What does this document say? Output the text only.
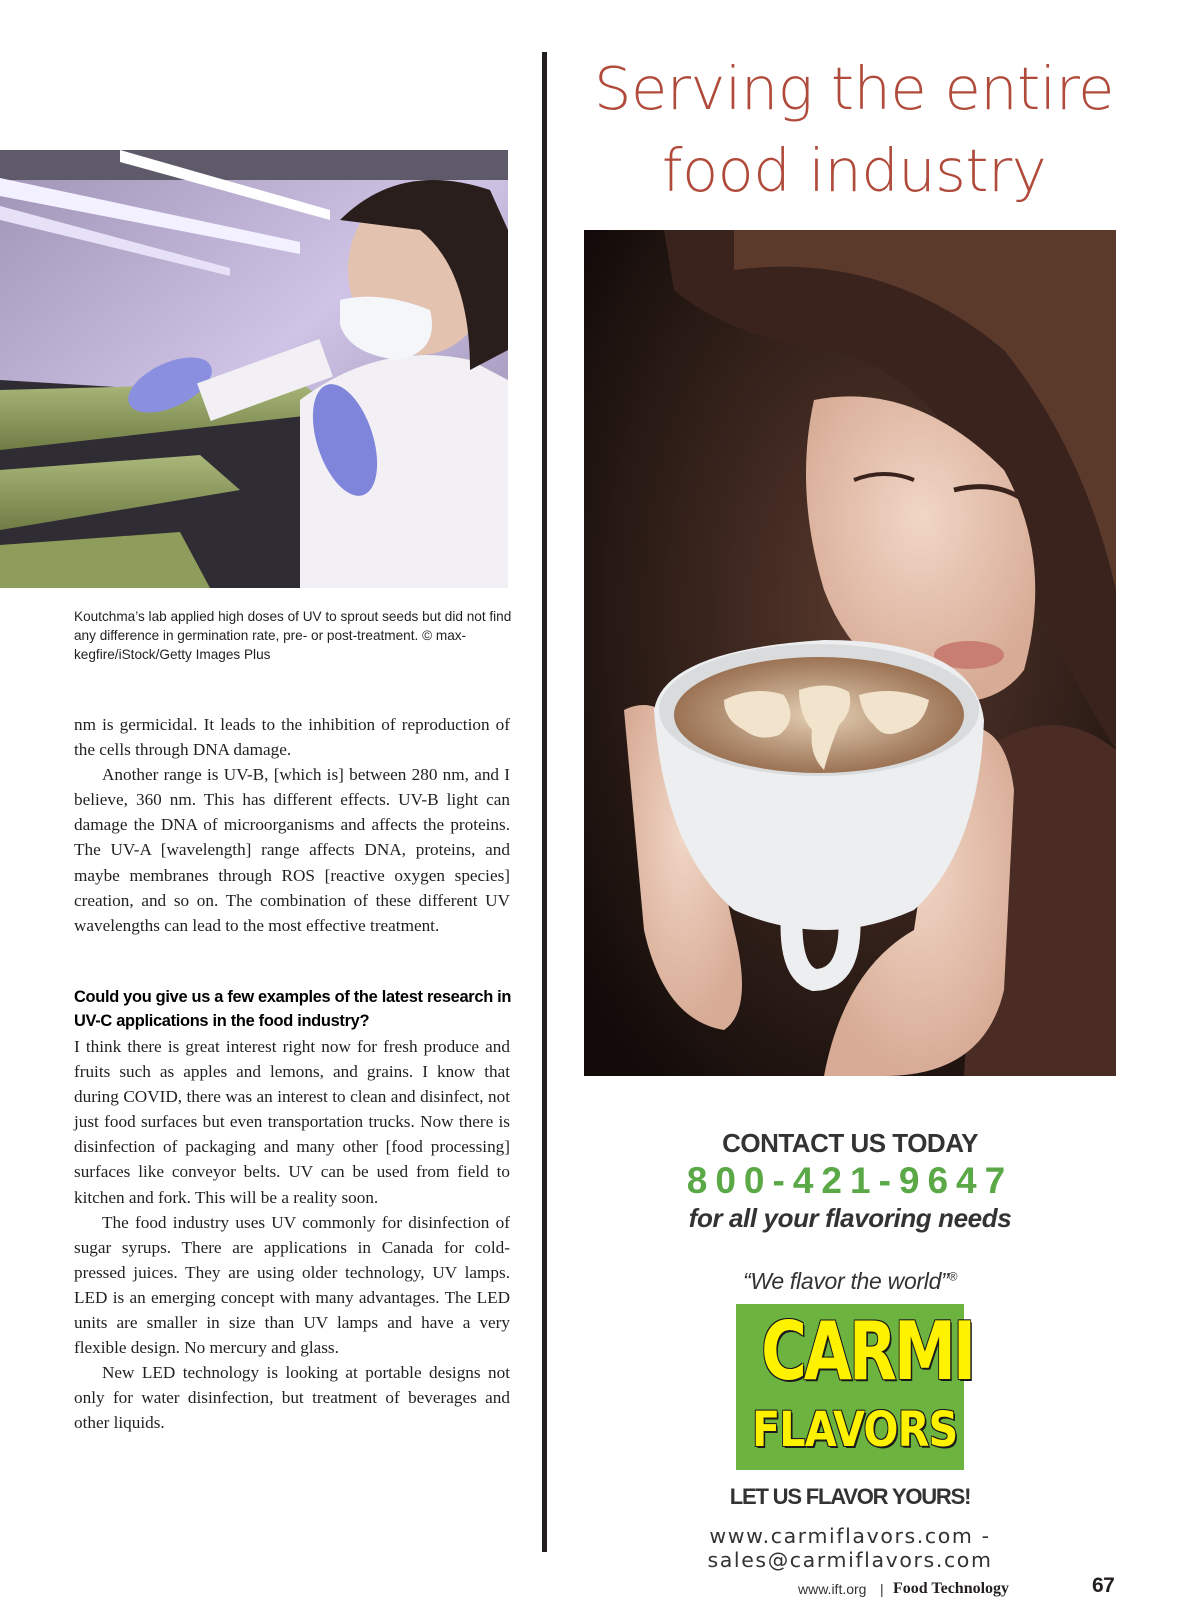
Koutchma’s lab applied high doses of UV to sprout seeds but did not find any difference in germination rate, pre- or post-treatment. © max-kegfire/iStock/Getty Images Plus

nm is germicidal. It leads to the inhibition of reproduction of the cells through DNA damage.

Another range is UV-B, [which is] between 280 nm, and I believe, 360 nm. This has different effects. UV-B light can damage the DNA of microorganisms and affects the proteins. The UV-A [wavelength] range affects DNA, proteins, and maybe membranes through ROS [reactive oxygen species] creation, and so on. The combination of these different UV wavelengths can lead to the most effective treatment.

Could you give us a few examples of the latest research in UV-C applications in the food industry?

I think there is great interest right now for fresh produce and fruits such as apples and lemons, and grains. I know that during COVID, there was an interest to clean and disinfect, not just food surfaces but even transportation trucks. Now there is disinfection of packaging and many other [food processing] surfaces like conveyor belts. UV can be used from field to kitchen and fork. This will be a reality soon.

The food industry uses UV commonly for disinfection of sugar syrups. There are applications in Canada for cold-pressed juices. They are using older technology, UV lamps. LED is an emerging concept with many advantages. The LED units are smaller in size than UV lamps and have a very flexible design. No mercury and glass.

New LED technology is looking at portable designs not only for water disinfection, but treatment of beverages and other liquids.

Serving the entire
food industry
CONTACT US TODAY
800-421-9647
for all your flavoring needs
“We flavor the world”®
CARMI
FLAVORS
LET US FLAVOR YOURS!
www.carmiflavors.com - sales@carmiflavors.com
www.ift.org | Food Technology	67
